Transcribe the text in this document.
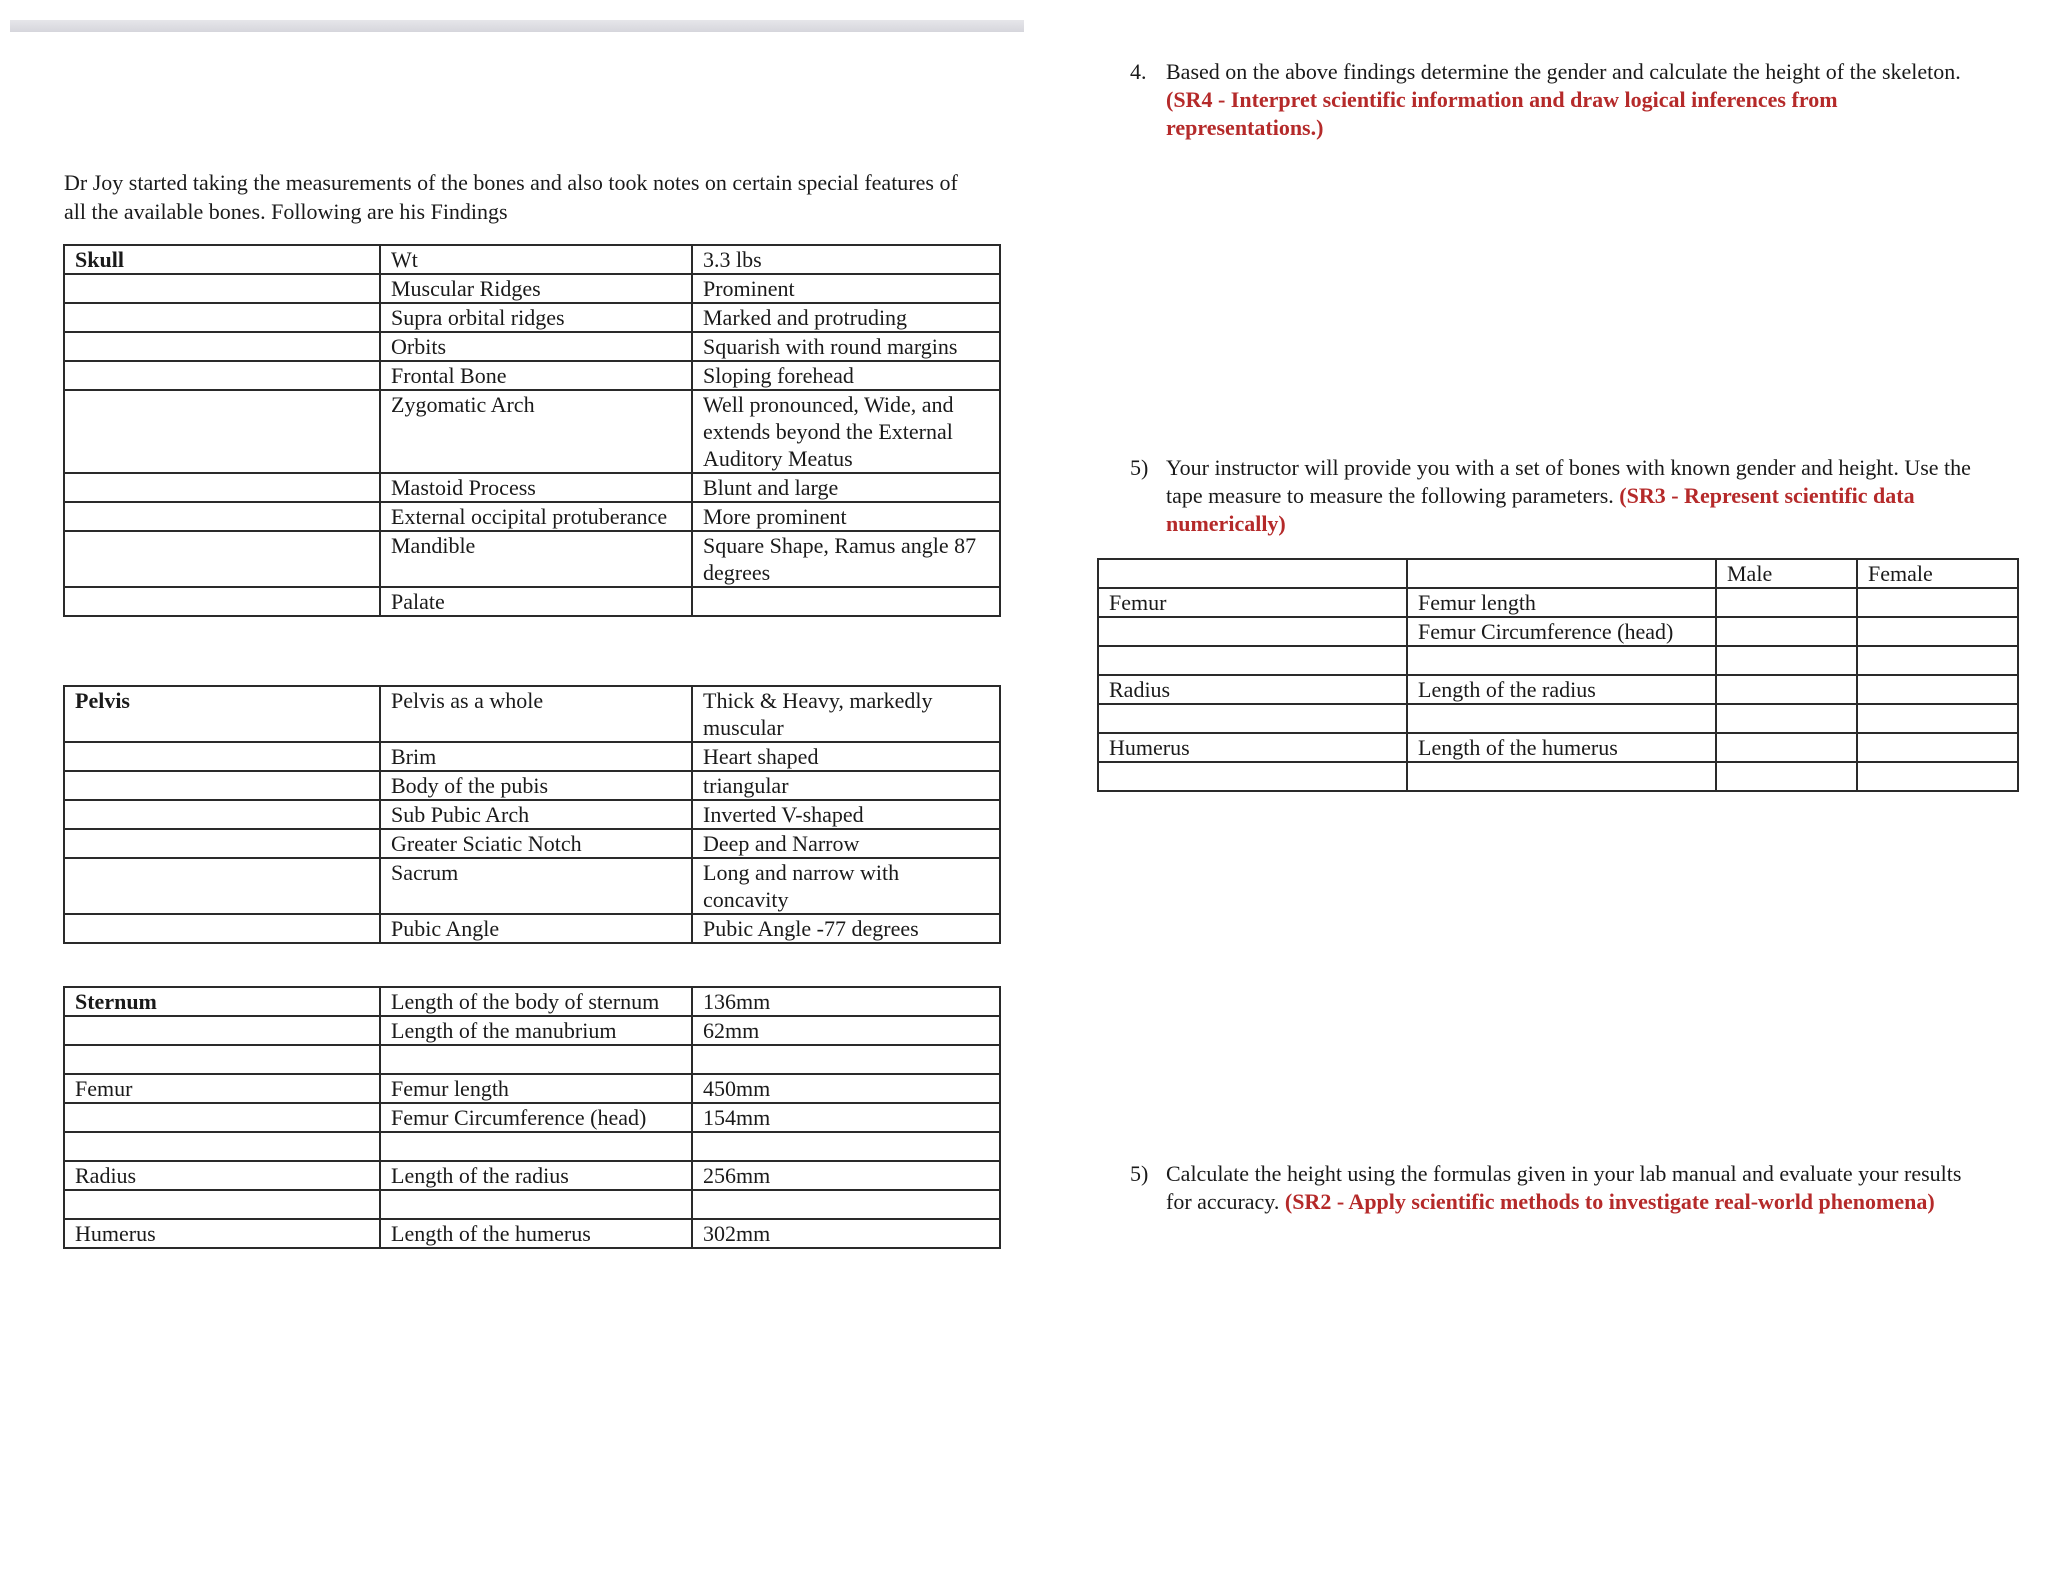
Dr Joy started taking the measurements of the bones and also took notes on certain special features of all the available bones. Following are his Findings
Skull	Wt	3.3 lbs
	Muscular Ridges	Prominent
	Supra orbital ridges	Marked and protruding
	Orbits	Squarish with round margins
	Frontal Bone	Sloping forehead
	Zygomatic Arch	Well pronounced, Wide, and extends beyond the External Auditory Meatus
	Mastoid Process	Blunt and large
	External occipital protuberance	More prominent
	Mandible	Square Shape, Ramus angle 87 degrees
	Palate	
Pelvis	Pelvis as a whole	Thick & Heavy, markedly muscular
	Brim	Heart shaped
	Body of the pubis	triangular
	Sub Pubic Arch	Inverted V-shaped
	Greater Sciatic Notch	Deep and Narrow
	Sacrum	Long and narrow with concavity
	Pubic Angle	Pubic Angle -77 degrees
Sternum	Length of the body of sternum	136mm
	Length of the manubrium	62mm

Femur	Femur length	450mm
	Femur Circumference (head)	154mm

Radius	Length of the radius	256mm

Humerus	Length of the humerus	302mm
4. Based on the above findings determine the gender and calculate the height of the skeleton. (SR4 - Interpret scientific information and draw logical inferences from representations.)
5) Your instructor will provide you with a set of bones with known gender and height. Use the tape measure to measure the following parameters. (SR3 - Represent scientific data numerically)
		Male	Female
Femur	Femur length		
	Femur Circumference (head)		

Radius	Length of the radius		

Humerus	Length of the humerus		

5) Calculate the height using the formulas given in your lab manual and evaluate your results for accuracy. (SR2 - Apply scientific methods to investigate real-world phenomena)
